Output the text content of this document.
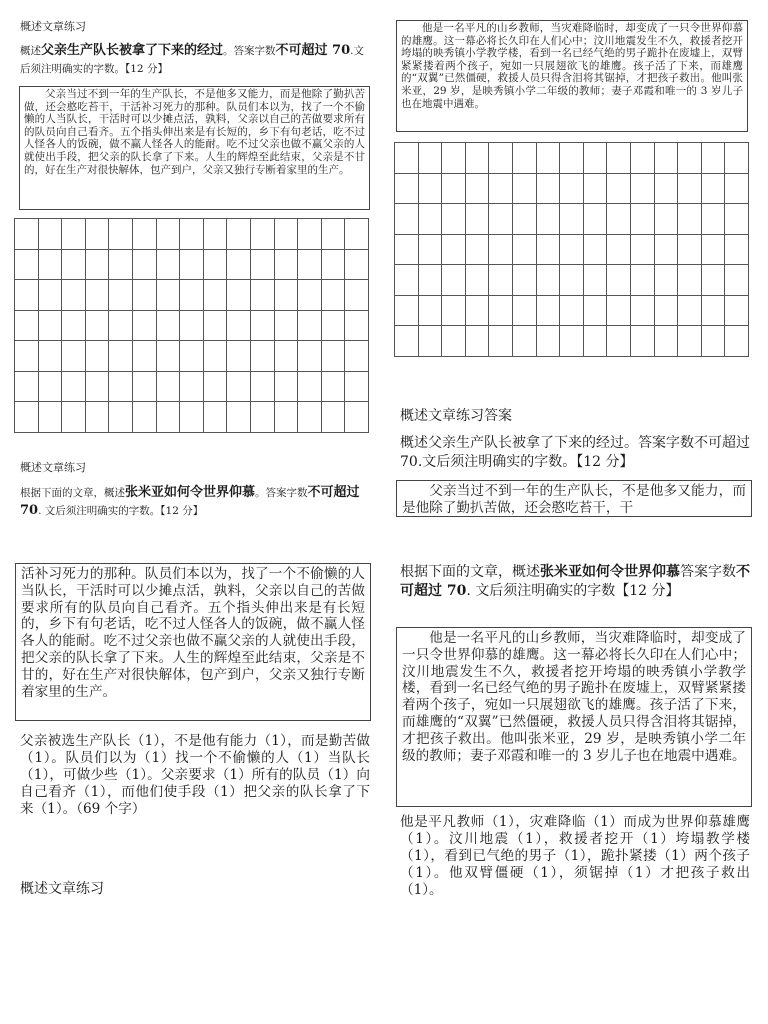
概述文章练习
概述父亲生产队长被拿了下来的经过。答案字数不可超过 70.文后须注明确实的字数。【12 分】
父亲当过不到一年的生产队长，不是他多又能力，而是他除了勤扒苦做，还会憨吃苔干，干活补习死力的那种。队员们本以为，找了一个不偷懒的人当队长，干活时可以少摊点活，孰料，父亲以自己的苦做要求所有的队员向自己看齐。五个指头伸出来是有长短的，乡下有句老话，吃不过人怪各人的饭碗，做不赢人怪各人的能耐。吃不过父亲也做不赢父亲的人就使出手段，把父亲的队长拿了下来。人生的辉煌至此结束，父亲是不甘的，好在生产对很快解体，包产到户，父亲又独行专断着家里的生产。

概述文章练习
根据下面的文章，概述张米亚如何令世界仰慕。答案字数不可超过 70. 文后须注明确实的字数。【12 分】
活补习死力的那种。队员们本以为，找了一个不偷懒的人当队长，干活时可以少摊点活，孰料，父亲以自己的苦做要求所有的队员向自己看齐。五个指头伸出来是有长短的，乡下有句老话，吃不过人怪各人的饭碗，做不赢人怪各人的能耐。吃不过父亲也做不赢父亲的人就使出手段，把父亲的队长拿了下来。人生的辉煌至此结束，父亲是不甘的，好在生产对很快解体，包产到户，父亲又独行专断着家里的生产。
父亲被选生产队长（1），不是他有能力（1），而是勤苦做（1）。队员们以为（1）找一个不偷懒的人（1）当队长（1），可做少些（1）。父亲要求（1）所有的队员（1）向自己看齐（1），而他们使手段（1）把父亲的队长拿了下来（1）。（69 个字）
概述文章练习
他是一名平凡的山乡教师，当灾难降临时，却变成了一只令世界仰慕的雄鹰。这一幕必将长久印在人们心中；汶川地震发生不久，救援者挖开垮塌的映秀镇小学教学楼，看到一名已经气绝的男子跪扑在废墟上，双臂紧紧搂着两个孩子，宛如一只展翅欲飞的雄鹰。孩子活了下来，而雄鹰的“双翼”已然僵硬，救援人员只得含泪将其锯掉，才把孩子救出。他叫张米亚，29 岁，是映秀镇小学二年级的教师；妻子邓霞和唯一的 3 岁儿子也在地震中遇难。

概述文章练习答案
概述父亲生产队长被拿了下来的经过。答案字数不可超过 70.文后须注明确实的字数。【12 分】
父亲当过不到一年的生产队长，不是他多又能力，而是他除了勤扒苦做，还会憨吃苔干，干
根据下面的文章，概述张米亚如何令世界仰慕答案字数不可超过 70. 文后须注明确实的字数【12 分】
他是一名平凡的山乡教师，当灾难降临时，却变成了一只令世界仰慕的雄鹰。这一幕必将长久印在人们心中；汶川地震发生不久，救援者挖开垮塌的映秀镇小学教学楼，看到一名已经气绝的男子跪扑在废墟上，双臂紧紧搂着两个孩子，宛如一只展翅欲飞的雄鹰。孩子活了下来，而雄鹰的“双翼”已然僵硬，救援人员只得含泪将其锯掉，才把孩子救出。他叫张米亚，29 岁，是映秀镇小学二年级的教师；妻子邓霞和唯一的 3 岁儿子也在地震中遇难。
他是平凡教师（1），灾难降临（1）而成为世界仰慕雄鹰（1）。汶川地震（1），救援者挖开（1）垮塌教学楼（1），看到已气绝的男子（1），跪扑紧搂（1）两个孩子（1）。他双臂僵硬（1），须锯掉（1）才把孩子救出（1）。
